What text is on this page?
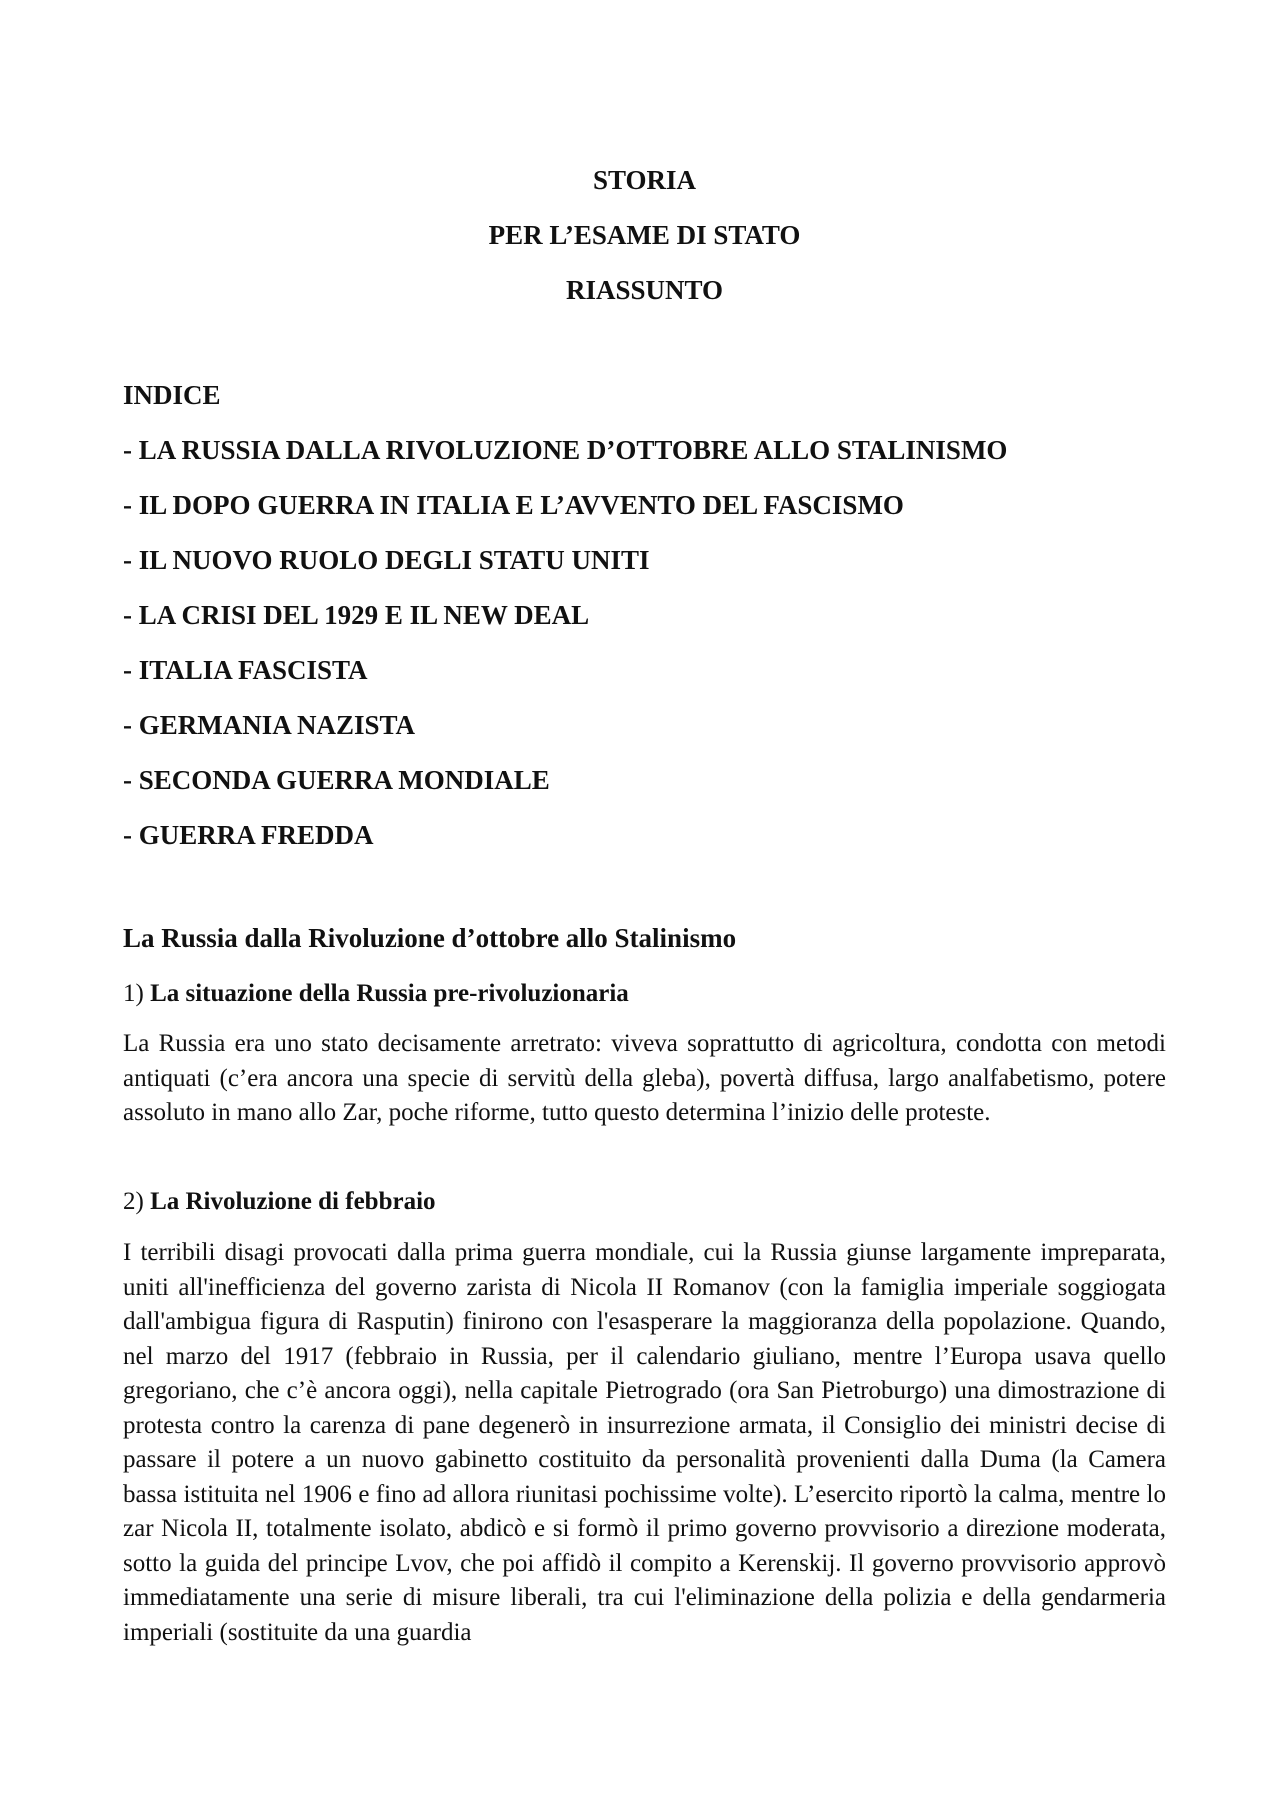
STORIA

PER L’ESAME DI STATO

RIASSUNTO

INDICE

- LA RUSSIA DALLA RIVOLUZIONE D’OTTOBRE ALLO STALINISMO

- IL DOPO GUERRA IN ITALIA E L’AVVENTO DEL FASCISMO

- IL NUOVO RUOLO DEGLI STATU UNITI

- LA CRISI DEL 1929 E IL NEW DEAL

- ITALIA FASCISTA

- GERMANIA NAZISTA

- SECONDA GUERRA MONDIALE

- GUERRA FREDDA

La Russia dalla Rivoluzione d’ottobre allo Stalinismo

1) La situazione della Russia pre-rivoluzionaria

La Russia era uno stato decisamente arretrato: viveva soprattutto di agricoltura, condotta con metodi antiquati (c’era ancora una specie di servitù della gleba), povertà diffusa, largo analfabetismo, potere assoluto in mano allo Zar, poche riforme, tutto questo determina l’inizio delle proteste.

2) La Rivoluzione di febbraio

I terribili disagi provocati dalla prima guerra mondiale, cui la Russia giunse largamente impreparata, uniti all'inefficienza del governo zarista di Nicola II Romanov (con la famiglia imperiale soggiogata dall'ambigua figura di Rasputin) finirono con l'esasperare la maggioranza della popolazione. Quando, nel marzo del 1917 (febbraio in Russia, per il calendario giuliano, mentre l’Europa usava quello gregoriano, che c’è ancora oggi), nella capitale Pietrogrado (ora San Pietroburgo) una dimostrazione di protesta contro la carenza di pane degenerò in insurrezione armata, il Consiglio dei ministri decise di passare il potere a un nuovo gabinetto costituito da personalità provenienti dalla Duma (la Camera bassa istituita nel 1906 e fino ad allora riunitasi pochissime volte). L’esercito riportò la calma, mentre lo zar Nicola II, totalmente isolato, abdicò e si formò il primo governo provvisorio a direzione moderata, sotto la guida del principe Lvov, che poi affidò il compito a Kerenskij. Il governo provvisorio approvò immediatamente una serie di misure liberali, tra cui l'eliminazione della polizia e della gendarmeria imperiali (sostituite da una guardia
